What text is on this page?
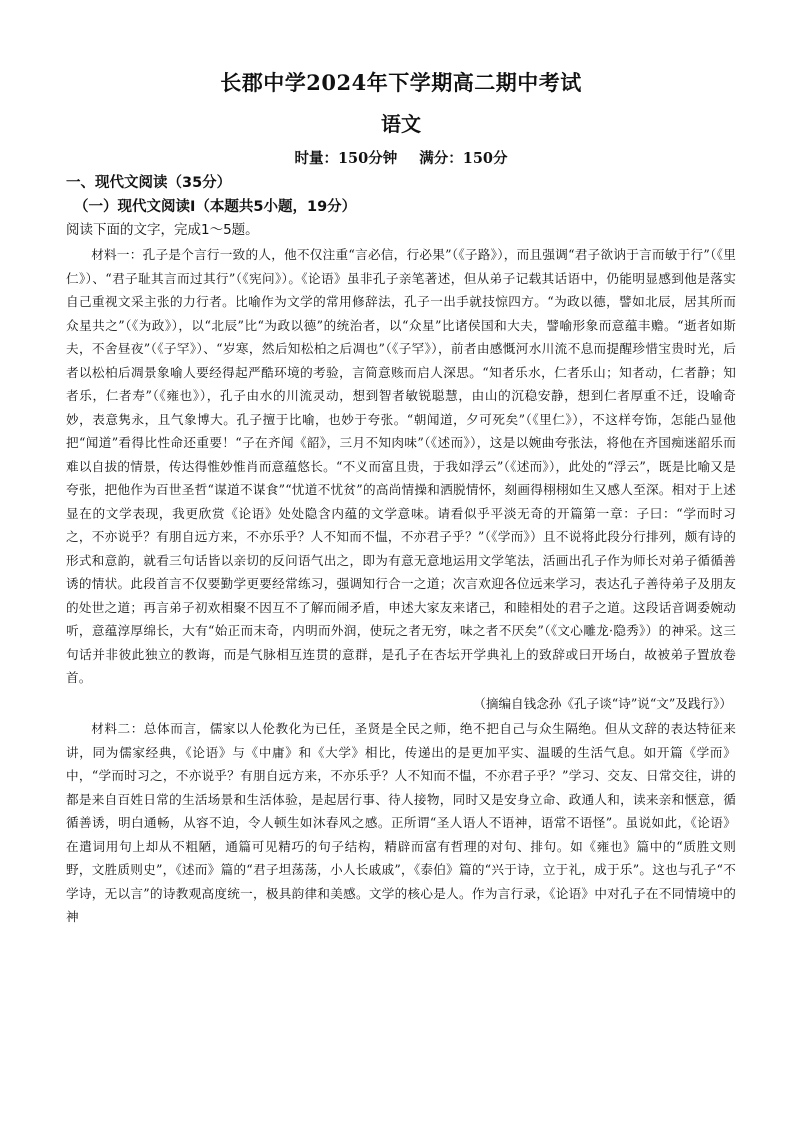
长郡中学2024年下学期高二期中考试
语文
时量：150分钟 满分：150分
一、现代文阅读（35分）
（一）现代文阅读Ⅰ（本题共5小题，19分）
阅读下面的文字，完成1～5题。

材料一：孔子是个言行一致的人，他不仅注重“言必信，行必果”（《子路》），而且强调“君子欲讷于言而敏于行”（《里仁》）、“君子耻其言而过其行”（《宪问》）。《论语》虽非孔子亲笔著述，但从弟子记载其话语中，仍能明显感到他是落实自己重视文采主张的力行者。比喻作为文学的常用修辞法，孔子一出手就技惊四方。“为政以德，譬如北辰，居其所而众星共之”（《为政》），以“北辰”比“为政以德”的统治者，以“众星”比诸侯国和大夫，譬喻形象而意蕴丰赡。“逝者如斯夫，不舍昼夜”（《子罕》）、“岁寒，然后知松柏之后凋也”（《子罕》），前者由感慨河水川流不息而提醒珍惜宝贵时光，后者以松柏后凋景象喻人要经得起严酷环境的考验，言简意赅而启人深思。“知者乐水，仁者乐山；知者动，仁者静；知者乐，仁者寿”（《雍也》），孔子由水的川流灵动，想到智者敏锐聪慧，由山的沉稳安静，想到仁者厚重不迁，设喻奇妙，表意隽永，且气象博大。孔子擅于比喻，也妙于夸张。“朝闻道，夕可死矣”（《里仁》），不这样夸饰，怎能凸显他把“闻道”看得比性命还重要！“子在齐闻《韶》，三月不知肉味”（《述而》），这是以婉曲夸张法，将他在齐国痴迷韶乐而难以自拔的情景，传达得惟妙惟肖而意蕴悠长。“不义而富且贵，于我如浮云”（《述而》），此处的“浮云”，既是比喻又是夸张，把他作为百世圣哲“谋道不谋食”“忧道不忧贫”的高尚情操和洒脱情怀，刻画得栩栩如生又感人至深。相对于上述显在的文学表现，我更欣赏《论语》处处隐含内蕴的文学意味。请看似乎平淡无奇的开篇第一章：子曰：“学而时习之，不亦说乎？有朋自远方来，不亦乐乎？人不知而不愠，不亦君子乎？”（《学而》）且不说将此段分行排列，颇有诗的形式和意韵，就看三句话皆以亲切的反问语气出之，即为有意无意地运用文学笔法，活画出孔子作为师长对弟子循循善诱的情状。此段首言不仅要勤学更要经常练习，强调知行合一之道；次言欢迎各位远来学习，表达孔子善待弟子及朋友的处世之道；再言弟子初欢相聚不因互不了解而闹矛盾，申述大家友来诸己，和睦相处的君子之道。这段话音调委婉动听，意蕴淳厚绵长，大有“始正而末奇，内明而外润，使玩之者无穷，味之者不厌矣”（《文心雕龙·隐秀》）的神采。这三句话并非彼此独立的教诲，而是气脉相互连贯的意群，是孔子在杏坛开学典礼上的致辞或曰开场白，故被弟子置放卷首。

（摘编自钱念孙《孔子谈“诗”说“文”及践行》）

材料二：总体而言，儒家以人伦教化为已任，圣贤是全民之师，绝不把自己与众生隔绝。但从文辞的表达特征来讲，同为儒家经典，《论语》与《中庸》和《大学》相比，传递出的是更加平实、温暖的生活气息。如开篇《学而》中，“学而时习之，不亦说乎？有朋自远方来，不亦乐乎？人不知而不愠，不亦君子乎？”学习、交友、日常交往，讲的都是来自百姓日常的生活场景和生活体验，是起居行事、待人接物，同时又是安身立命、政通人和，读来亲和惬意，循循善诱，明白通畅，从容不迫，令人顿生如沐春风之感。正所谓“圣人语人不语神，语常不语怪”。虽说如此，《论语》在遣词用句上却从不粗陋，通篇可见精巧的句子结构，精辟而富有哲理的对句、排句。如《雍也》篇中的“质胜文则野，文胜质则史”，《述而》篇的“君子坦荡荡，小人长戚戚”，《泰伯》篇的“兴于诗，立于礼，成于乐”。这也与孔子“不学诗，无以言”的诗教观高度统一，极具韵律和美感。文学的核心是人。作为言行录，《论语》中对孔子在不同情境中的神
